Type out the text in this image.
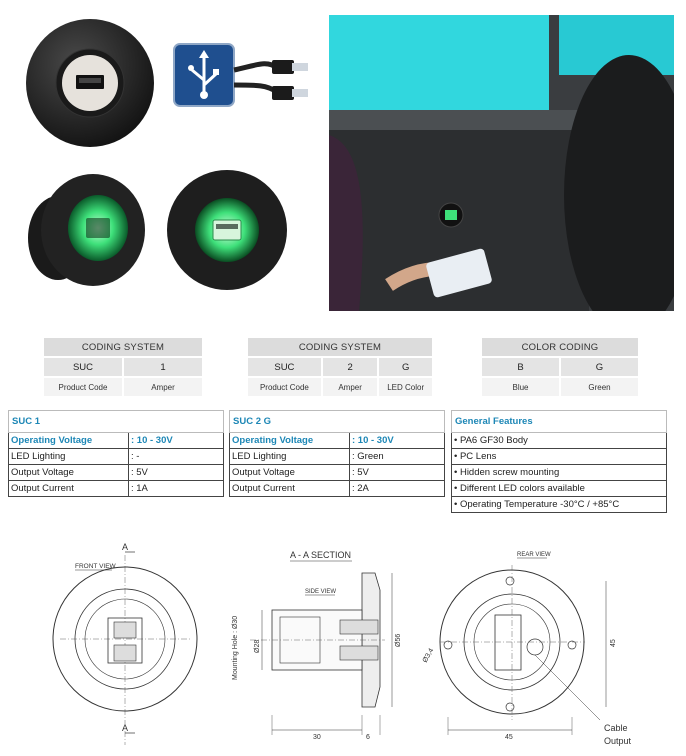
CODING SYSTEM	
SUC	1
Product Code	Amper
CODING SYSTEM		
SUC	2	G
Product Code	Amper	LED Color
COLOR CODING	
B	G
Blue	Green
SUC 1	
Operating Voltage	: 10 - 30V
LED Lighting	: -
Output Voltage	: 5V
Output Current	: 1A
SUC 2 G	
Operating Voltage	: 10 - 30V
LED Lighting	: Green
Output Voltage	: 5V
Output Current	: 2A
General Features
• PA6 GF30 Body
• PC Lens
• Hidden screw mounting
• Different LED colors available
• Operating Temperature -30°C / +85°C
FRONT VIEW
A
A
A - A SECTION
SIDE VIEW
Mounting Hole : Ø30 Ø28	Ø56
30	6
REAR VIEW
Ø3,4
45
45
Cable
Output
